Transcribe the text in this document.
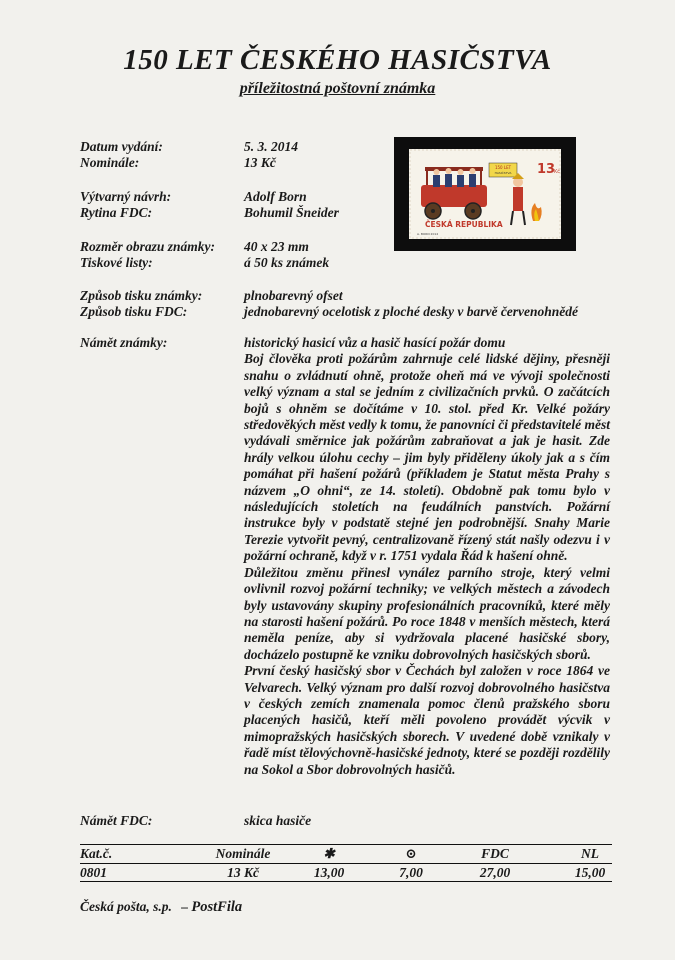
150 LET ČESKÉHO HASIČSTVA
příležitostná poštovní známka
Datum vydání:	5. 3. 2014
Nominále:	13 Kč
Výtvarný návrh:	Adolf Born
Rytina FDC:	Bohumil Šneider
Rozměr obrazu známky: 40 x 23 mm
Tiskové listy:	á 50 ks známek
Způsob tisku známky:	plnobarevný ofset
Způsob tisku FDC:	jednobarevný ocelotisk z ploché desky v barvě červenohnědé
Námět známky:	historický hasicí vůz a hasič hasící požár domu

Boj člověka proti požárům zahrnuje celé lidské dějiny, přesněji snahu o zvládnutí ohně, protože oheň má ve vývoji společnosti velký význam a stal se jedním z civilizačních prvků. O začátcích bojů s ohněm se dočítáme v 10. stol. před Kr. Velké požáry středověkých měst vedly k tomu, že panovníci či představitelé měst vydávali směrnice jak požárům zabraňovat a jak je hasit. Zde hrály velkou úlohu cechy – jim byly přiděleny úkoly jak a s čím pomáhat při hašení požárů (příkladem je Statut města Prahy s názvem „O ohni“, ze 14. století). Obdobně pak tomu bylo v následujících stoletích na feudálních panstvích. Požární instrukce byly v podstatě stejné jen podrobnější. Snahy Marie Terezie vytvořit pevný, centralizovaně řízený stát našly odezvu i v požární ochraně, když v r. 1751 vydala Řád k hašení ohně.

Důležitou změnu přinesl vynález parního stroje, který velmi ovlivnil rozvoj požární techniky; ve velkých městech a závodech byly ustavovány skupiny profesionálních pracovníků, které měly na starosti hašení požárů. Po roce 1848 v menších městech, která neměla peníze, aby si vydržovala placené hasičské sbory, docházelo postupně ke vzniku dobrovolných hasičských sborů.

První český hasičský sbor v Čechách byl založen v roce 1864 ve Velvarech. Velký význam pro další rozvoj dobrovolného hasičstva v českých zemích znamenala pomoc členů pražského sboru placených hasičů, kteří měli povoleno provádět výcvik v mimopražských hasičských sborech. V uvedené době vznikaly v řadě míst tělovýchovně-hasičské jednoty, které se později rozdělily na Sokol a Sbor dobrovolných hasičů.

Námět FDC:	skica hasiče
150 LET
HASIČSTVA 13
Kč
ČESKÁ REPUBLIKA
A. BORN 2014
Kat.č.	Nominále	✱	⊙	FDC	NL
0801	13 Kč	13,00	7,00	27,00	15,00
Česká pošta, s.p. – PostFila
